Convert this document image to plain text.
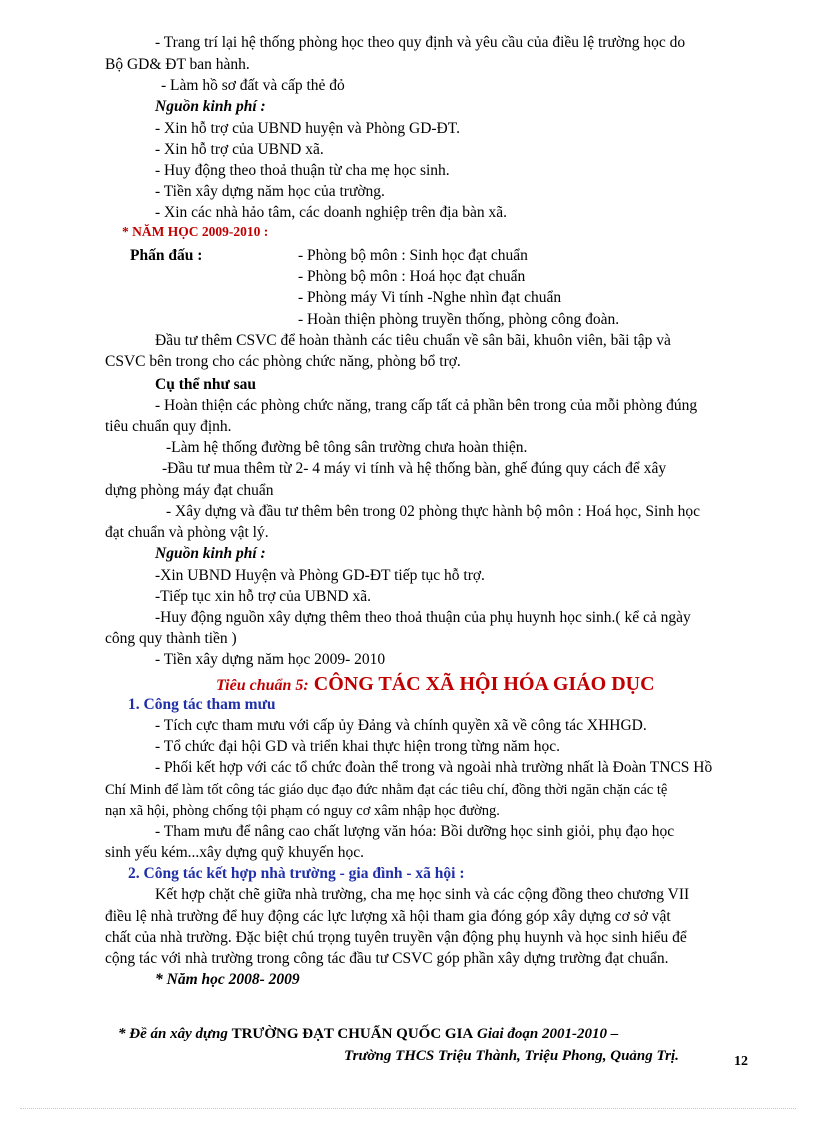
- Trang trí lại hệ thống phòng học theo quy định và yêu cầu của điều lệ trường học do
Bộ GD& ĐT ban hành.
- Làm hồ sơ đất và cấp thẻ đỏ
Nguồn kinh phí :
- Xin hỗ trợ của UBND huyện và Phòng GD-ĐT.
- Xin hỗ trợ của UBND xã.
- Huy động theo thoả thuận từ cha mẹ học sinh.
- Tiền xây dựng năm học của trường.
- Xin các nhà hảo tâm, các doanh nghiệp trên địa bàn xã.
* NĂM HỌC 2009-2010 :
Phấn đấu :	- Phòng bộ môn : Sinh học đạt chuẩn
- Phòng bộ môn : Hoá học đạt chuẩn
- Phòng máy Vi tính -Nghe nhìn đạt chuẩn
- Hoàn thiện phòng truyền thống, phòng công đoàn.
Đầu tư thêm CSVC để hoàn thành các tiêu chuẩn về sân bãi, khuôn viên, bãi tập và
CSVC bên trong cho các phòng chức năng, phòng bổ trợ.
Cụ thể như sau
- Hoàn thiện các phòng chức năng, trang cấp tất cả phần bên trong của mỗi phòng đúng
tiêu chuẩn quy định.
-Làm hệ thống đường bê tông sân trường chưa hoàn thiện.
-Đầu tư mua thêm từ 2- 4 máy vi tính và hệ thống bàn, ghế đúng quy cách để xây
dựng phòng máy đạt chuẩn
- Xây dựng và đầu tư thêm bên trong 02 phòng thực hành bộ môn : Hoá học, Sinh học
đạt chuẩn và phòng vật lý.
Nguồn kinh phí :
-Xin UBND Huyện và Phòng GD-ĐT tiếp tục hỗ trợ.
-Tiếp tục xin hỗ trợ của UBND xã.
-Huy động nguồn xây dựng thêm theo thoả thuận của phụ huynh học sinh.( kể cả ngày
công quy thành tiền )
- Tiền xây dựng năm học 2009- 2010
Tiêu chuẩn 5: CÔNG TÁC XÃ HỘI HÓA GIÁO DỤC
1. Công tác tham mưu
- Tích cực tham mưu với cấp ủy Đảng và chính quyền xã về công tác XHHGD.
- Tổ chức đại hội GD và triển khai thực hiện trong từng năm học.
- Phối kết hợp với các tổ chức đoàn thể trong và ngoài nhà trường nhất là Đoàn TNCS Hồ
Chí Minh để làm tốt công tác giáo dục đạo đức nhằm đạt các tiêu chí, đồng thời ngăn chặn các tệ
nạn xã hội, phòng chống tội phạm có nguy cơ xâm nhập học đường.
- Tham mưu để nâng cao chất lượng văn hóa: Bồi dưỡng học sinh giỏi, phụ đạo học
sinh yếu kém...xây dựng quỹ khuyến học.
2. Công tác kết hợp nhà trường - gia đình - xã hội :
Kết hợp chặt chẽ giữa nhà trường, cha mẹ học sinh và các cộng đồng theo chương VII
điều lệ nhà trường để huy động các lực lượng xã hội tham gia đóng góp xây dựng cơ sở vật
chất của nhà trường. Đặc biệt chú trọng tuyên truyền vận động phụ huynh và học sinh hiểu để
cộng tác với nhà trường trong công tác đầu tư CSVC góp phần xây dựng trường đạt chuẩn.
* Năm học 2008- 2009
* Đề án xây dựng TRƯỜNG ĐẠT CHUẨN QUỐC GIA Giai đoạn 2001-2010 –
Trường THCS Triệu Thành, Triệu Phong, Quảng Trị.	12
